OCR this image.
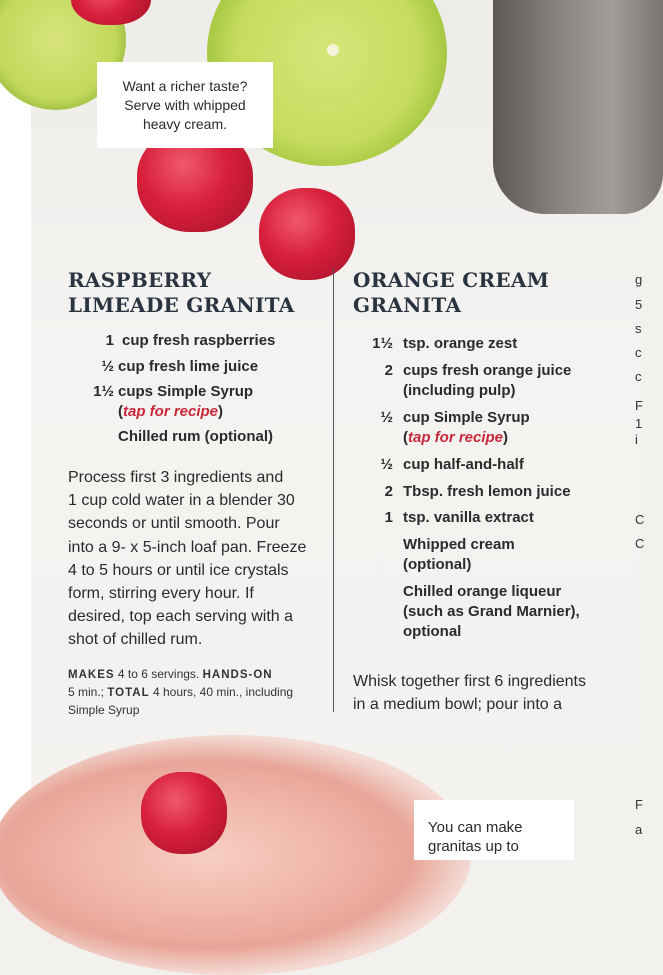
Want a richer taste?
Serve with whipped
heavy cream.
RASPBERRY
LIMEADE GRANITA
1 cup fresh raspberries
½ cup fresh lime juice
1½ cups Simple Syrup
(tap for recipe)
Chilled rum (optional)
Process first 3 ingredients and
1 cup cold water in a blender 30
seconds or until smooth. Pour
into a 9- x 5-inch loaf pan. Freeze
4 to 5 hours or until ice crystals
form, stirring every hour. If
desired, top each serving with a
shot of chilled rum.
MAKES 4 to 6 servings. HANDS-ON
5 min.; TOTAL 4 hours, 40 min., including
Simple Syrup
ORANGE CREAM
GRANITA
1½ tsp. orange zest
2 cups fresh orange juice
(including pulp)
½ cup Simple Syrup
(tap for recipe)
½ cup half-and-half
2 Tbsp. fresh lemon juice
1 tsp. vanilla extract
Whipped cream
(optional)
Chilled orange liqueur
(such as Grand Marnier),
optional
Whisk together first 6 ingredients
in a medium bowl; pour into a
g
5
s
c
c
F
1
i
C
C
F
a
You can make
granitas up to
